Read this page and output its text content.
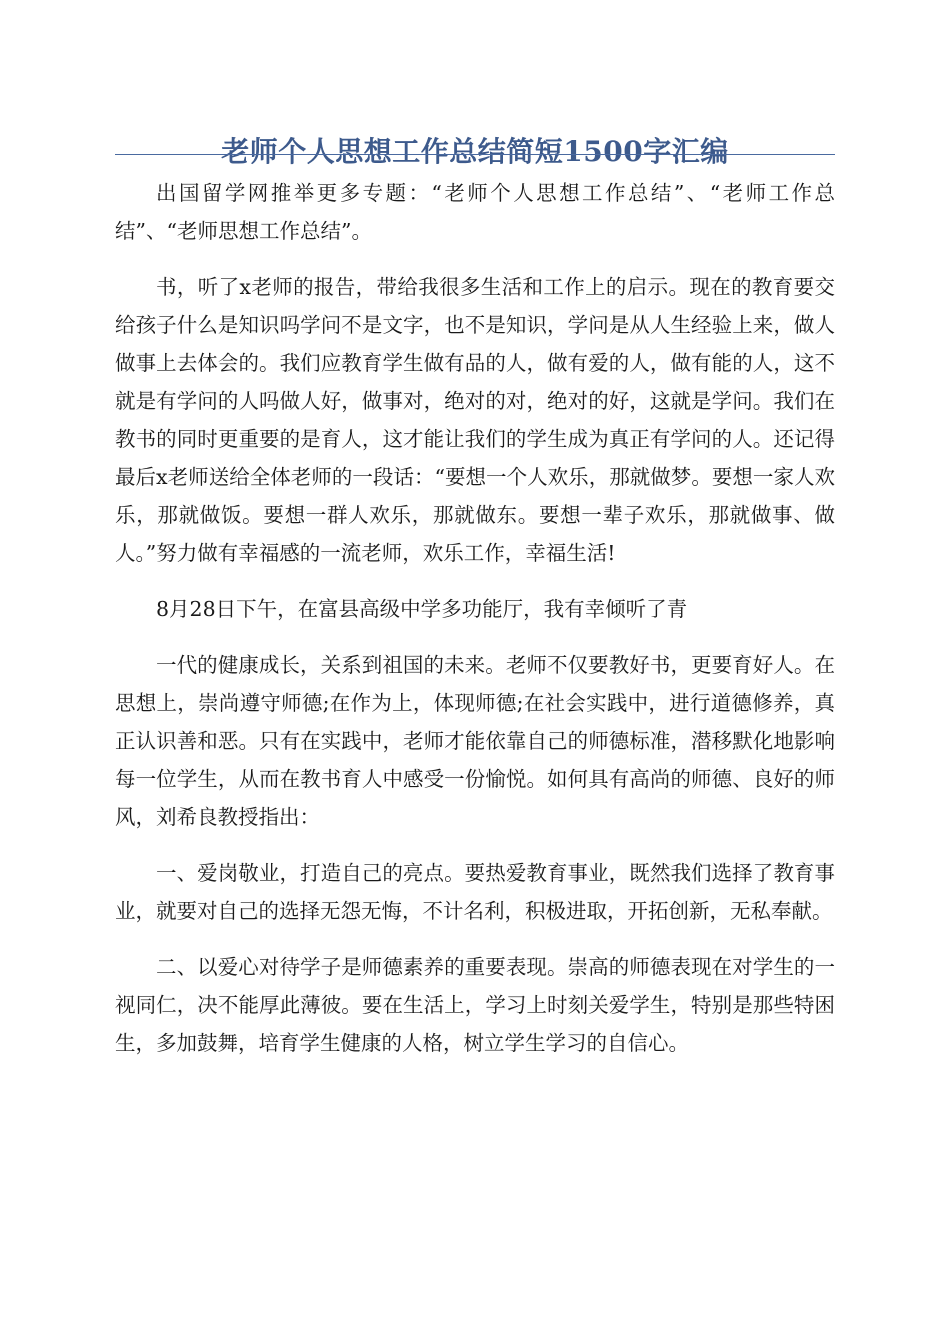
老师个人思想工作总结简短1500字汇编

出国留学网推举更多专题：“老师个人思想工作总结”、“老师工作总结”、“老师思想工作总结”。

书，听了x老师的报告，带给我很多生活和工作上的启示。现在的教育要交给孩子什么是知识吗学问不是文字，也不是知识，学问是从人生经验上来，做人做事上去体会的。我们应教育学生做有品的人，做有爱的人，做有能的人，这不就是有学问的人吗做人好，做事对，绝对的对，绝对的好，这就是学问。我们在教书的同时更重要的是育人，这才能让我们的学生成为真正有学问的人。还记得最后x老师送给全体老师的一段话：“要想一个人欢乐，那就做梦。要想一家人欢乐，那就做饭。要想一群人欢乐，那就做东。要想一辈子欢乐，那就做事、做人。”努力做有幸福感的一流老师，欢乐工作，幸福生活!

8月28日下午，在富县高级中学多功能厅，我有幸倾听了青

一代的健康成长，关系到祖国的未来。老师不仅要教好书，更要育好人。在思想上，崇尚遵守师德;在作为上，体现师德;在社会实践中，进行道德修养，真正认识善和恶。只有在实践中，老师才能依靠自己的师德标准，潜移默化地影响每一位学生，从而在教书育人中感受一份愉悦。如何具有高尚的师德、良好的师风，刘希良教授指出：

一、爱岗敬业，打造自己的亮点。要热爱教育事业，既然我们选择了教育事业，就要对自己的选择无怨无悔，不计名利，积极进取，开拓创新，无私奉献。

二、以爱心对待学子是师德素养的重要表现。崇高的师德表现在对学生的一视同仁，决不能厚此薄彼。要在生活上，学习上时刻关爱学生，特别是那些特困生，多加鼓舞，培育学生健康的人格，树立学生学习的自信心。
